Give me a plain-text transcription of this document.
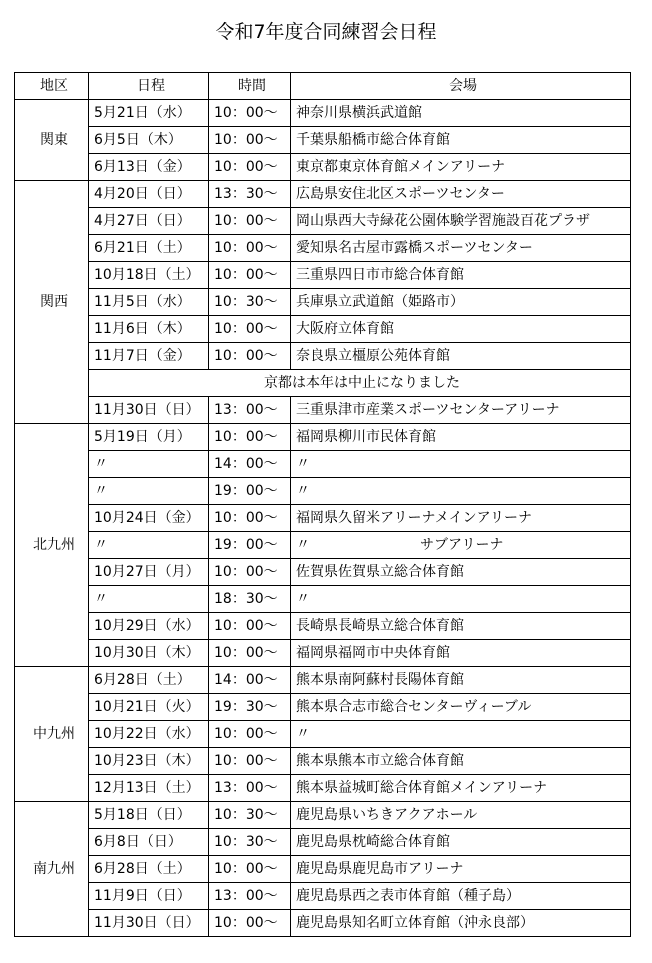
令和7年度合同練習会日程
地区	日程	時間	会場
関東	5月21日（水）	10：00～	神奈川県横浜武道館
	6月5日（木）	10：00～	千葉県船橋市総合体育館
	6月13日（金）	10：00～	東京都東京体育館メインアリーナ
関西	4月20日（日）	13：30～	広島県安住北区スポーツセンター
	4月27日（日）	10：00～	岡山県西大寺緑花公園体験学習施設百花プラザ
	6月21日（土）	10：00～	愛知県名古屋市露橋スポーツセンター
	10月18日（土）	10：00～	三重県四日市市総合体育館
	11月5日（水）	10：30～	兵庫県立武道館（姫路市）
	11月6日（木）	10：00～	大阪府立体育館
	11月7日（金）	10：00～	奈良県立橿原公苑体育館
	京都は本年は中止になりました		
	11月30日（日）	13：00～	三重県津市産業スポーツセンターアリーナ
北九州	5月19日（月）	10：00～	福岡県柳川市民体育館
	〃	14：00～	〃
	〃	19：00～	〃
	10月24日（金）	10：00～	福岡県久留米アリーナメインアリーナ
	〃	19：00～	〃 サブアリーナ
	10月27日（月）	10：00～	佐賀県佐賀県立総合体育館
	〃	18：30～	〃
	10月29日（水）	10：00～	長崎県長崎県立総合体育館
	10月30日（木）	10：00～	福岡県福岡市中央体育館
中九州	6月28日（土）	14：00～	熊本県南阿蘇村長陽体育館
	10月21日（火）	19：30～	熊本県合志市総合センターヴィーブル
	10月22日（水）	10：00～	〃
	10月23日（木）	10：00～	熊本県熊本市立総合体育館
	12月13日（土）	13：00～	熊本県益城町総合体育館メインアリーナ
南九州	5月18日（日）	10：30～	鹿児島県いちきアクアホール
	6月8日（日）	10：30～	鹿児島県枕崎総合体育館
	6月28日（土）	10：00～	鹿児島県鹿児島市アリーナ
	11月9日（日）	13：00～	鹿児島県西之表市体育館（種子島）
	11月30日（日）	10：00～	鹿児島県知名町立体育館（沖永良部）
